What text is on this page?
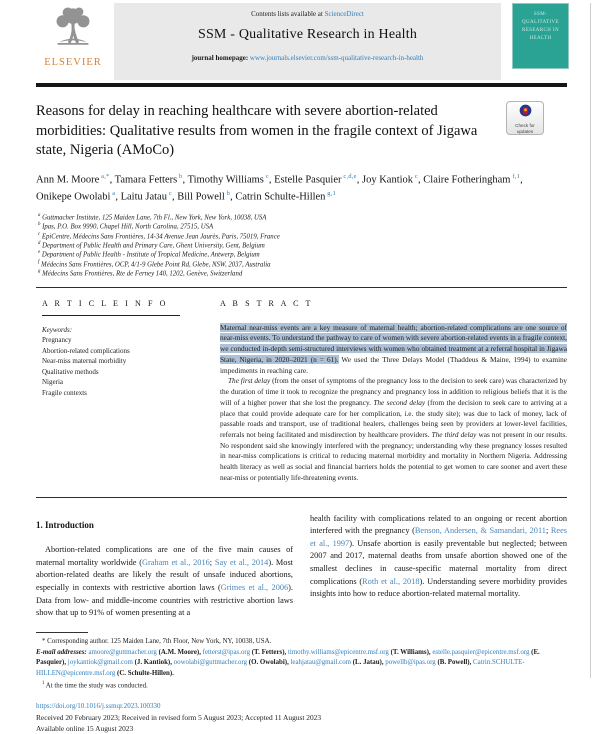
ELSEVIER
Contents lists available at ScienceDirect
SSM - Qualitative Research in Health
journal homepage: www.journals.elsevier.com/ssm-qualitative-research-in-health
SSM-
QUALITATIVE
RESEARCH IN
HEALTH
Check for updates
Reasons for delay in reaching healthcare with severe abortion-related morbidities: Qualitative results from women in the fragile context of Jigawa state, Nigeria (AMoCo)
Ann M. Moore $^{a,*}$, Tamara Fetters $^b$, Timothy Williams $^c$, Estelle Pasquier $^{c,d,e}$, Joy Kantiok $^c$, Claire Fotheringham $^{f,1}$, Onikepe Owolabi $^a$, Laitu Jatau $^c$, Bill Powell $^b$, Catrin Schulte-Hillen $^{g,1}$
$^a$ Guttmacher Institute, 125 Maiden Lane, 7th Fl., New York, New York, 10038, USA
$^b$ Ipas, P.O. Box 9990, Chapel Hill, North Carolina, 27515, USA
$^c$ EpiCentre, Médecins Sans Frontières, 14-34 Avenue Jean Jaurès, Paris, 75019, France
$^d$ Department of Public Health and Primary Care, Ghent University, Gent, Belgium
$^e$ Department of Public Health - Institute of Tropical Medicine, Antwerp, Belgium
$^f$ Médecins Sans Frontières, OCP, 4/1-9 Glebe Point Rd, Glebe, NSW, 2037, Australia
$^g$ Médecins Sans Frontières, Rte de Ferney 140, 1202, Genève, Switzerland
A R T I C L E I N F O
Keywords:
Pregnancy
Abortion-related complications
Near-miss maternal morbidity
Qualitative methods
Nigeria
Fragile contexts
A B S T R A C T
Maternal near-miss events are a key measure of maternal health; abortion-related complications are one source of near-miss events. To understand the pathway to care of women with severe abortion-related events in a fragile context, we conducted in-depth semi-structured interviews with women who obtained treatment at a referral hospital in Jigawa State, Nigeria, in 2020–2021 (n = 61). We used the Three Delays Model (Thaddeus & Maine, 1994) to examine impediments in reaching care.
The first delay (from the onset of symptoms of the pregnancy loss to the decision to seek care) was characterized by the duration of time it took to recognize the pregnancy and pregnancy loss in addition to religious beliefs that it is the will of a higher power that she lost the pregnancy. The second delay (from the decision to seek care to arriving at a place that could provide adequate care for her complication, i.e. the study site); was due to lack of money, lack of passable roads and transport, use of traditional healers, challenges being seen by providers at lower-level facilities, referrals not being facilitated and misdirection by healthcare providers. The third delay was not present in our results. No respondent said she knowingly interfered with the pregnancy; understanding why these pregnancy losses resulted in near-miss complications is critical to reducing maternal morbidity and mortality in Northern Nigeria. Addressing health literacy as well as social and financial barriers holds the potential to get women to care sooner and avert these near-miss or potentially life-threatening events.
1. Introduction
Abortion-related complications are one of the five main causes of maternal mortality worldwide (Graham et al., 2016; Say et al., 2014). Most abortion-related deaths are likely the result of unsafe induced abortions, especially in contexts with restrictive abortion laws (Grimes et al., 2006). Data from low- and middle-income countries with restrictive abortion laws show that up to 91% of women presenting at a
health facility with complications related to an ongoing or recent abortion interfered with the pregnancy (Benson, Andersen, & Samandari, 2011; Rees et al., 1997). Unsafe abortion is easily preventable but neglected; between 2007 and 2017, maternal deaths from unsafe abortion showed one of the smallest declines in cause-specific maternal mortality from direct complications (Roth et al., 2018). Understanding severe morbidity provides insights into how to reduce abortion-related maternal mortality.
* Corresponding author. 125 Maiden Lane, 7th Floor, New York, NY, 10038, USA.
E-mail addresses: amoore@guttmacher.org (A.M. Moore), fetterst@ipas.org (T. Fetters), timothy.williams@epicentre.msf.org (T. Williams), estelle.pasquier@epicentre.msf.org (E. Pasquier), joykantiok@gmail.com (J. Kantiok), oowolabi@guttmacher.org (O. Owolabi), leahjatau@gmail.com (L. Jatau), powellb@ipas.org (B. Powell), Catrin.SCHULTE-HILLEN@epicentre.msf.org (C. Schulte-Hillen).
$^1$ At the time the study was conducted.
https://doi.org/10.1016/j.ssmqr.2023.100330
Received 20 February 2023; Received in revised form 5 August 2023; Accepted 11 August 2023
Available online 15 August 2023
